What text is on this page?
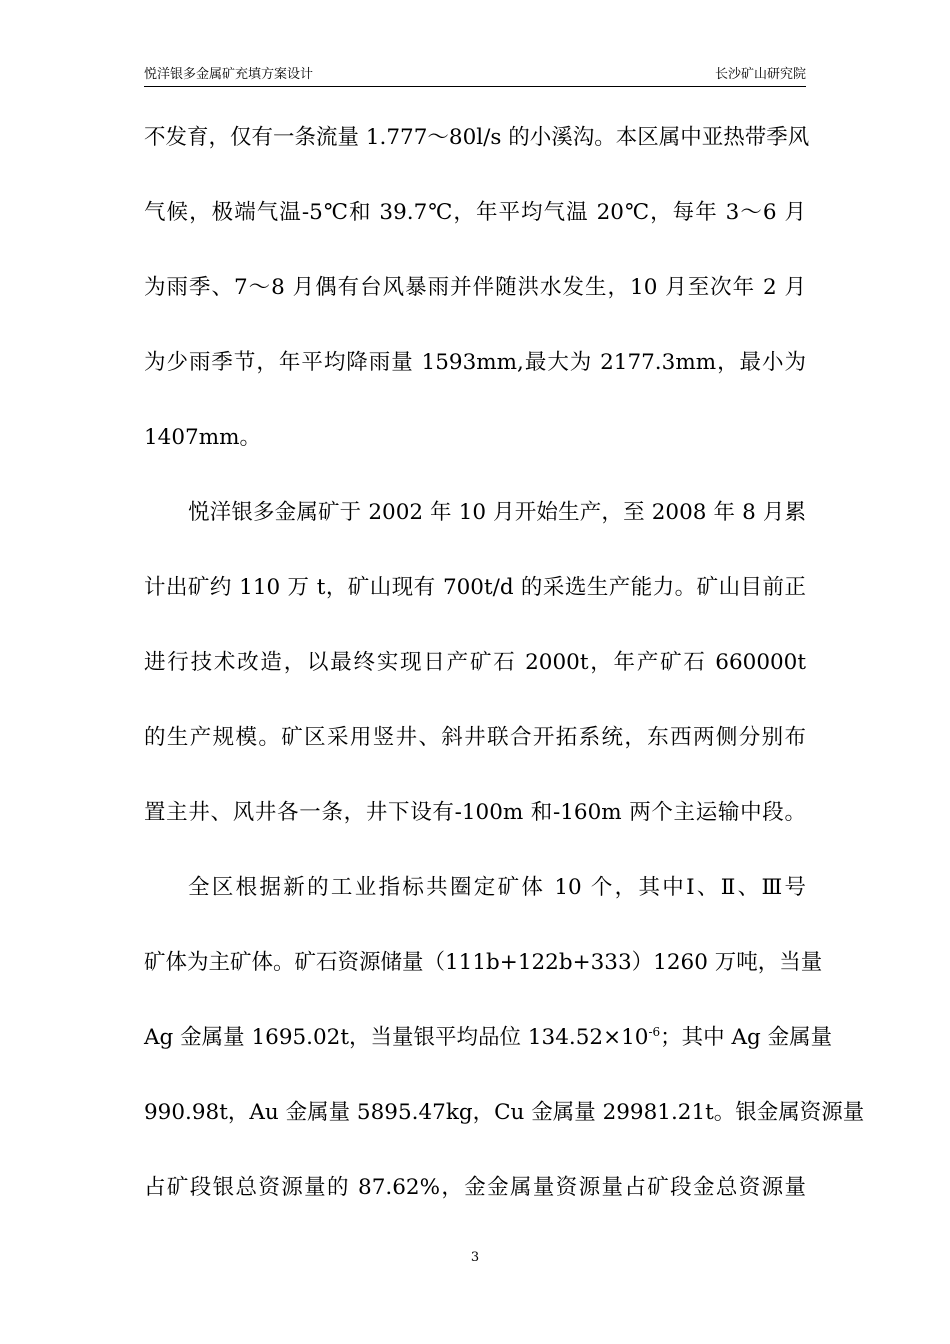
悦洋银多金属矿充填方案设计	长沙矿山研究院
不发育，仅有一条流量 1.777～80l/s 的小溪沟。本区属中亚热带季风
气候，极端气温-5℃和 39.7℃，年平均气温 20℃，每年 3～6 月
为雨季、7～8 月偶有台风暴雨并伴随洪水发生，10 月至次年 2 月
为少雨季节，年平均降雨量 1593mm,最大为 2177.3mm，最小为
1407mm。
悦洋银多金属矿于 2002 年 10 月开始生产，至 2008 年 8 月累
计出矿约 110 万 t，矿山现有 700t/d 的采选生产能力。矿山目前正
进行技术改造，以最终实现日产矿石 2000t，年产矿石 660000t
的生产规模。矿区采用竖井、斜井联合开拓系统，东西两侧分别布
置主井、风井各一条，井下设有-100m 和-160m 两个主运输中段。
全区根据新的工业指标共圈定矿体 10 个，其中Ⅰ、Ⅱ、Ⅲ号
矿体为主矿体。矿石资源储量（111b+122b+333）1260 万吨，当量
Ag 金属量 1695.02t，当量银平均品位 $134.52\times 10^{-6}$；其中 Ag 金属量
990.98t，Au 金属量 5895.47kg，Cu 金属量 29981.21t。银金属资源量
占矿段银总资源量的 87.62%，金金属量资源量占矿段金总资源量
3
